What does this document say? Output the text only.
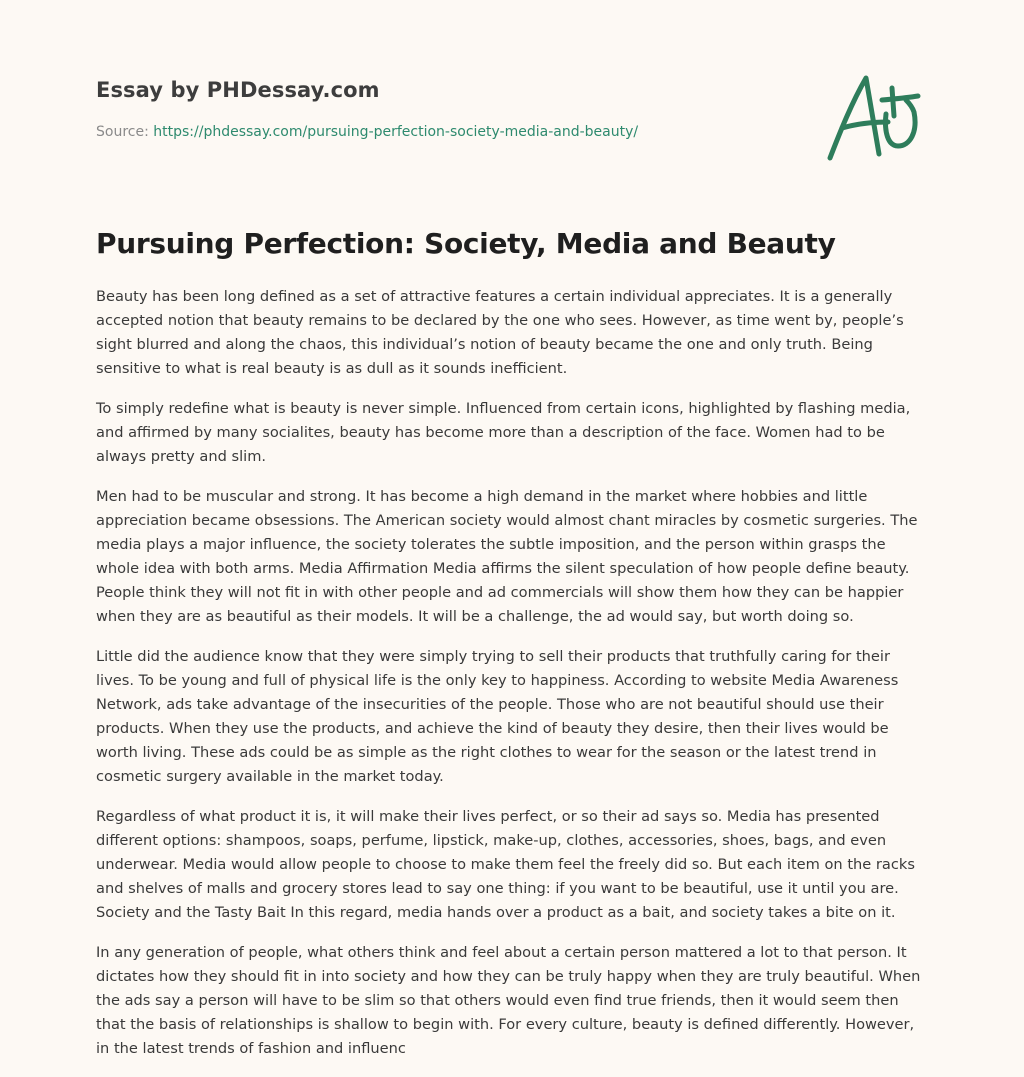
Essay by PHDessay.com
Source: https://phdessay.com/pursuing-perfection-society-media-and-beauty/
Pursuing Perfection: Society, Media and Beauty

Beauty has been long defined as a set of attractive features a certain individual appreciates. It is a generally accepted notion that beauty remains to be declared by the one who sees. However, as time went by, people’s sight blurred and along the chaos, this individual’s notion of beauty became the one and only truth. Being sensitive to what is real beauty is as dull as it sounds inefficient.

To simply redefine what is beauty is never simple. Influenced from certain icons, highlighted by flashing media, and affirmed by many socialites, beauty has become more than a description of the face. Women had to be always pretty and slim.

Men had to be muscular and strong. It has become a high demand in the market where hobbies and little appreciation became obsessions. The American society would almost chant miracles by cosmetic surgeries. The media plays a major influence, the society tolerates the subtle imposition, and the person within grasps the whole idea with both arms. Media Affirmation Media affirms the silent speculation of how people define beauty. People think they will not fit in with other people and ad commercials will show them how they can be happier when they are as beautiful as their models. It will be a challenge, the ad would say, but worth doing so.

Little did the audience know that they were simply trying to sell their products that truthfully caring for their lives. To be young and full of physical life is the only key to happiness. According to website Media Awareness Network, ads take advantage of the insecurities of the people. Those who are not beautiful should use their products. When they use the products, and achieve the kind of beauty they desire, then their lives would be worth living. These ads could be as simple as the right clothes to wear for the season or the latest trend in cosmetic surgery available in the market today.

Regardless of what product it is, it will make their lives perfect, or so their ad says so. Media has presented different options: shampoos, soaps, perfume, lipstick, make-up, clothes, accessories, shoes, bags, and even underwear. Media would allow people to choose to make them feel the freely did so. But each item on the racks and shelves of malls and grocery stores lead to say one thing: if you want to be beautiful, use it until you are. Society and the Tasty Bait In this regard, media hands over a product as a bait, and society takes a bite on it.

In any generation of people, what others think and feel about a certain person mattered a lot to that person. It dictates how they should fit in into society and how they can be truly happy when they are truly beautiful. When the ads say a person will have to be slim so that others would even find true friends, then it would seem then that the basis of relationships is shallow to begin with. For every culture, beauty is defined differently. However, in the latest trends of fashion and influenc
